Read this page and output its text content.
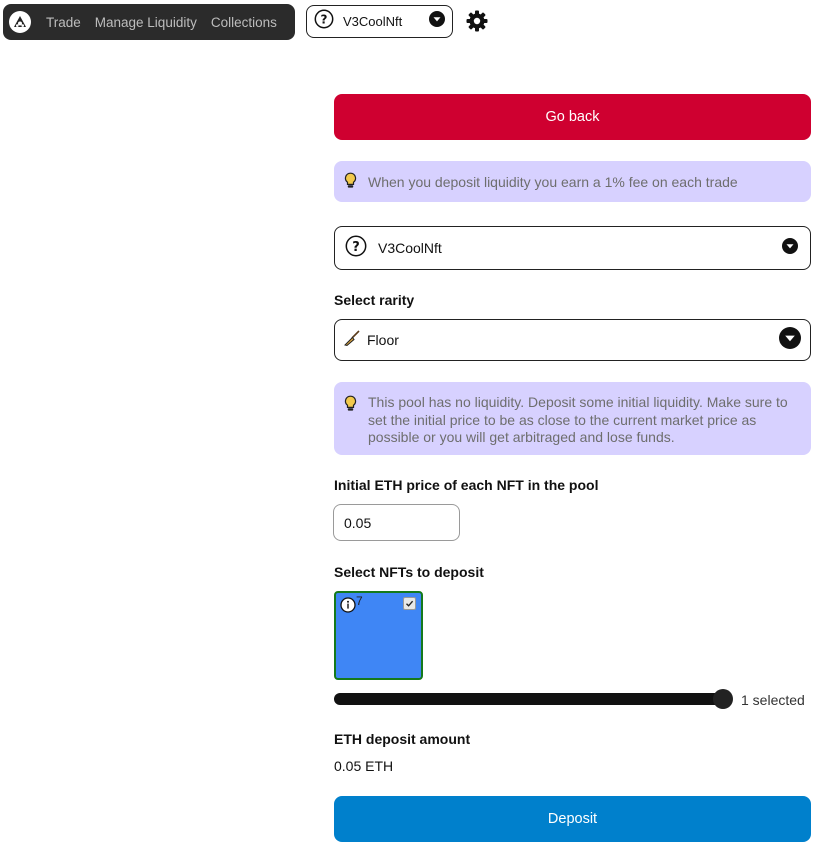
Trade Manage Liquidity Collections	? V3CoolNft
Go back
When you deposit liquidity you earn a 1% fee on each trade
? V3CoolNft
Select rarity
Floor
This pool has no liquidity. Deposit some initial liquidity. Make sure to set the initial price to be as close to the current market price as possible or you will get arbitraged and lose funds.
Initial ETH price of each NFT in the pool
0.05
Select NFTs to deposit
7
1 selected
ETH deposit amount
0.05 ETH
Deposit
